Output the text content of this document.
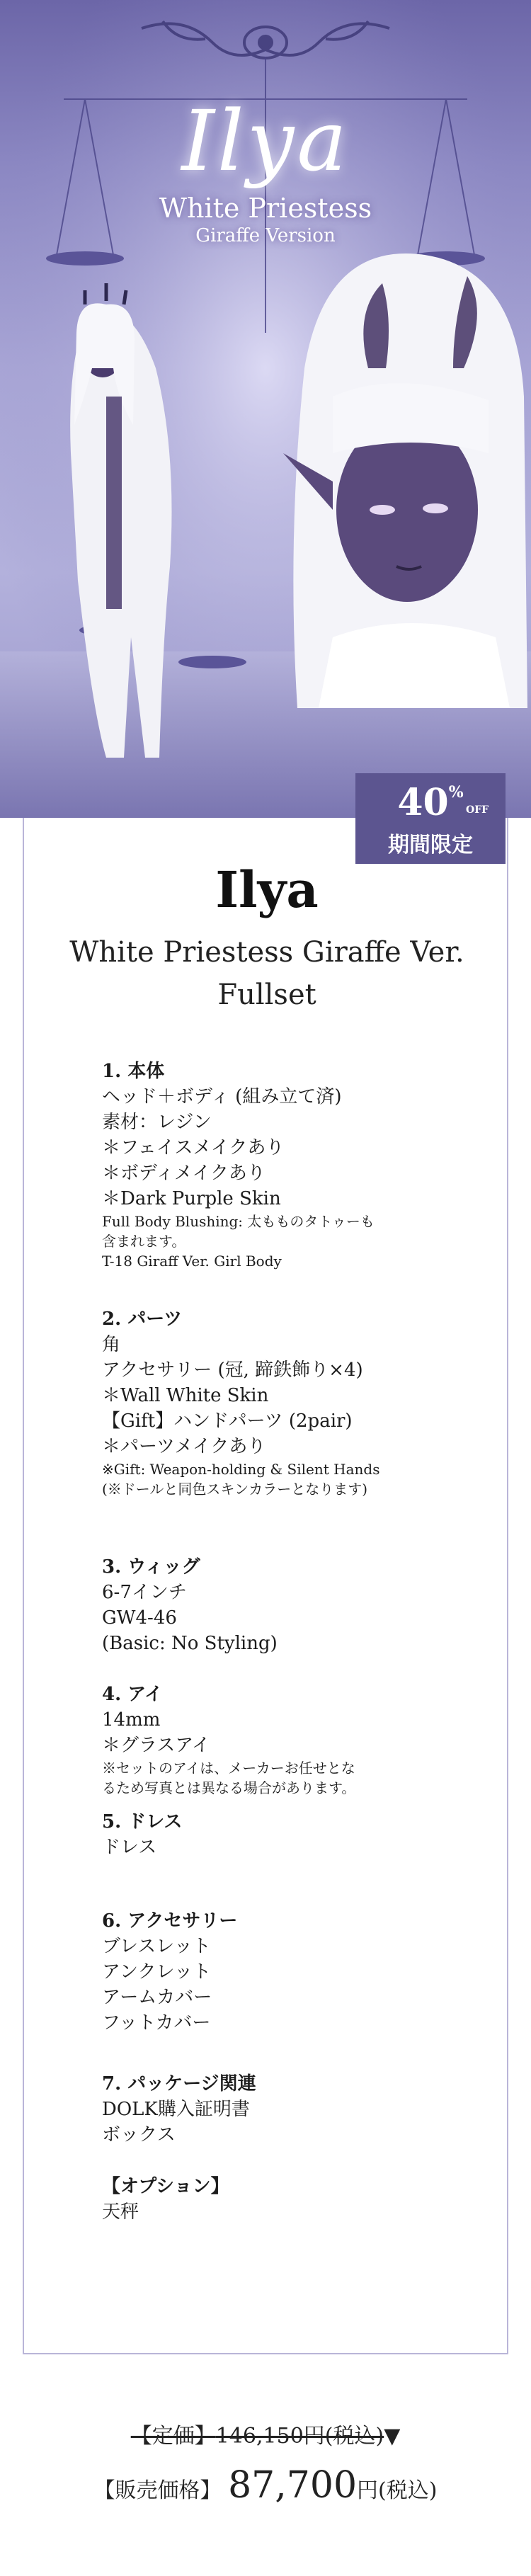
Ilya
White Priestess
Giraffe Version
Ilya
White Priestess Giraffe Ver.
Fullset
1. 本体
ヘッド＋ボディ (組み立て済)
素材：レジン
＊フェイスメイクあり
＊ボディメイクあり
＊Dark Purple Skin
Full Body Blushing: 太もものタトゥーも
含まれます。
T-18 Giraff Ver. Girl Body
2. パーツ
角
アクセサリー (冠, 蹄鉄飾り×4)
＊Wall White Skin
【Gift】ハンドパーツ (2pair)
＊パーツメイクあり
※Gift: Weapon-holding & Silent Hands
(※ドールと同色スキンカラーとなります)
3. ウィッグ
6-7インチ
GW4-46
(Basic: No Styling)
4. アイ
14mm
＊グラスアイ
※セットのアイは、メーカーお任せとな
るため写真とは異なる場合があります。
5. ドレス
ドレス
6. アクセサリー
ブレスレット
アンクレット
アームカバー
フットカバー
7. パッケージ関連
DOLK購入証明書
ボックス
【オプション】
天秤
40%
OFF
期間限定
【定価】146,150円(税込)▼
【販売価格】 87,700円(税込)
